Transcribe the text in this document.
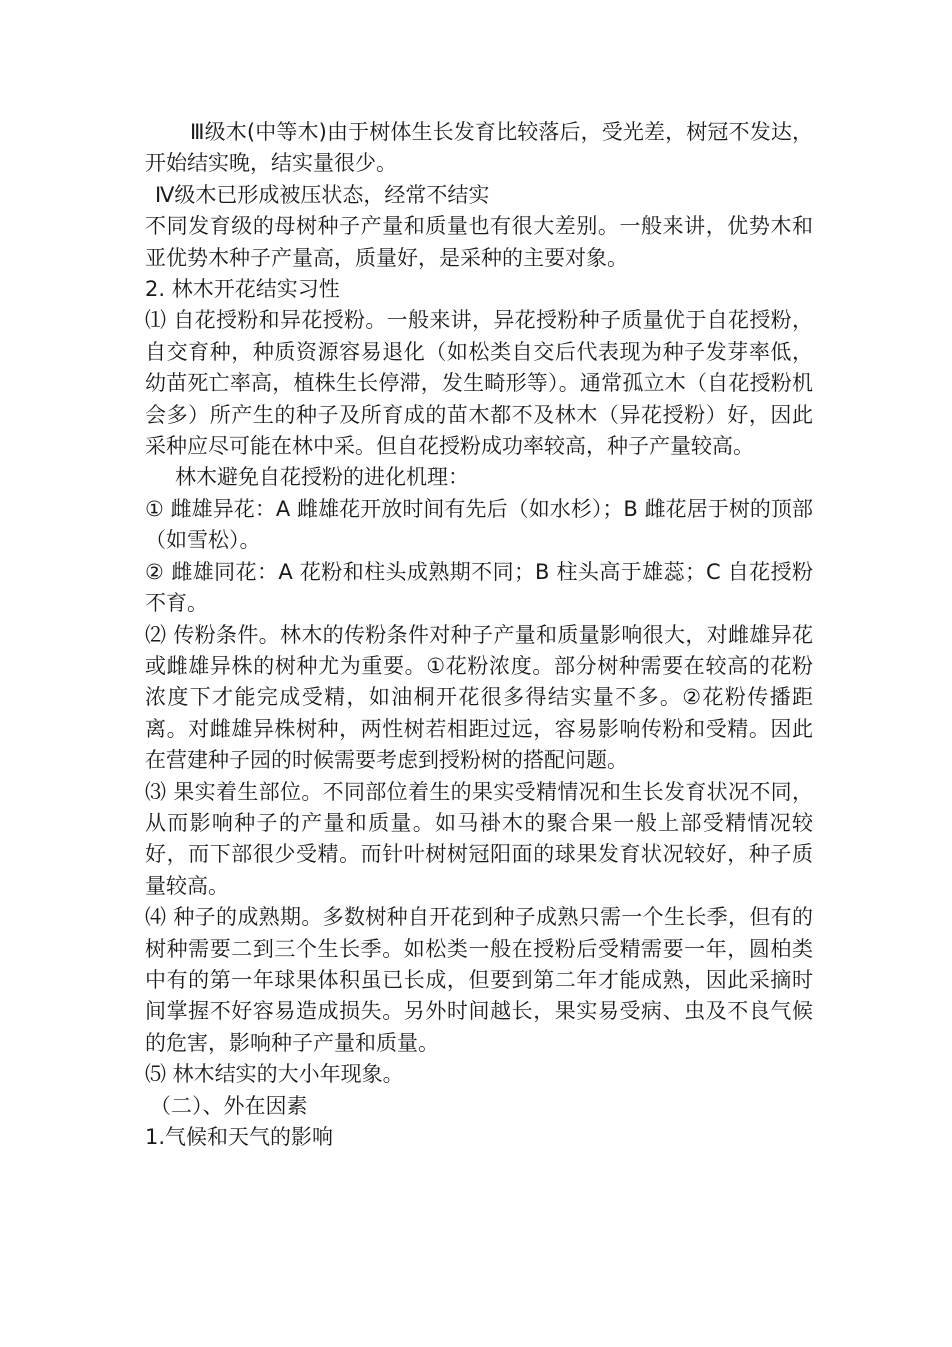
Ⅲ级木(中等木)由于树体生长发育比较落后，受光差，树冠不发达，开始结实晚，结实量很少。

Ⅳ级木已形成被压状态，经常不结实

不同发育级的母树种子产量和质量也有很大差别。一般来讲，优势木和亚优势木种子产量高，质量好，是采种的主要对象。

2. 林木开花结实习性

⑴ 自花授粉和异花授粉。一般来讲，异花授粉种子质量优于自花授粉，自交育种，种质资源容易退化（如松类自交后代表现为种子发芽率低，幼苗死亡率高，植株生长停滞，发生畸形等）。通常孤立木（自花授粉机会多）所产生的种子及所育成的苗木都不及林木（异花授粉）好，因此采种应尽可能在林中采。但自花授粉成功率较高，种子产量较高。

林木避免自花授粉的进化机理：

① 雌雄异花：A 雌雄花开放时间有先后（如水杉）；B 雌花居于树的顶部（如雪松）。

② 雌雄同花：A 花粉和柱头成熟期不同；B 柱头高于雄蕊；C 自花授粉不育。

⑵ 传粉条件。林木的传粉条件对种子产量和质量影响很大，对雌雄异花或雌雄异株的树种尤为重要。①花粉浓度。部分树种需要在较高的花粉浓度下才能完成受精，如油桐开花很多得结实量不多。②花粉传播距离。对雌雄异株树种，两性树若相距过远，容易影响传粉和受精。因此在营建种子园的时候需要考虑到授粉树的搭配问题。

⑶ 果实着生部位。不同部位着生的果实受精情况和生长发育状况不同，从而影响种子的产量和质量。如马褂木的聚合果一般上部受精情况较好，而下部很少受精。而针叶树树冠阳面的球果发育状况较好，种子质量较高。

⑷ 种子的成熟期。多数树种自开花到种子成熟只需一个生长季，但有的树种需要二到三个生长季。如松类一般在授粉后受精需要一年，圆柏类中有的第一年球果体积虽已长成，但要到第二年才能成熟，因此采摘时间掌握不好容易造成损失。另外时间越长，果实易受病、虫及不良气候的危害，影响种子产量和质量。

⑸ 林木结实的大小年现象。

（二）、外在因素

1.气候和天气的影响
